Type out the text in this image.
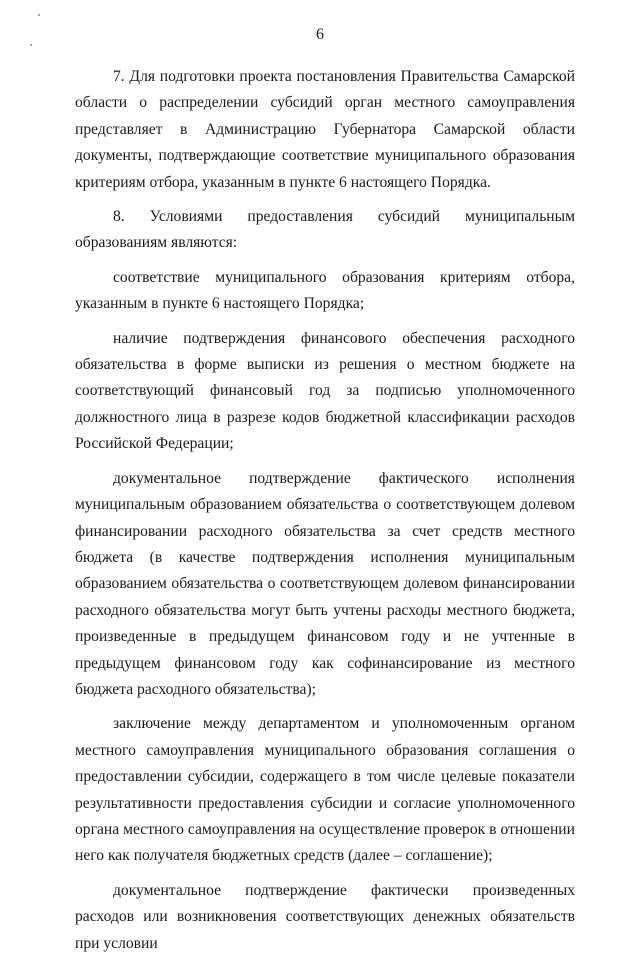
6

7. Для подготовки проекта постановления Правительства Самарской области о распределении субсидий орган местного самоуправления представляет в Администрацию Губернатора Самарской области документы, подтверждающие соответствие муниципального образования критериям отбора, указанным в пункте 6 настоящего Порядка.

8. Условиями предоставления субсидий муниципальным образованиям являются:

соответствие муниципального образования критериям отбора, указанным в пункте 6 настоящего Порядка;

наличие подтверждения финансового обеспечения расходного обязательства в форме выписки из решения о местном бюджете на соответствующий финансовый год за подписью уполномоченного должностного лица в разрезе кодов бюджетной классификации расходов Российской Федерации;

документальное подтверждение фактического исполнения муниципальным образованием обязательства о соответствующем долевом финансировании расходного обязательства за счет средств местного бюджета (в качестве подтверждения исполнения муниципальным образованием обязательства о соответствующем долевом финансировании расходного обязательства могут быть учтены расходы местного бюджета, произведенные в предыдущем финансовом году и не учтенные в предыдущем финансовом году как софинансирование из местного бюджета расходного обязательства);

заключение между департаментом и уполномоченным органом местного самоуправления муниципального образования соглашения о предоставлении субсидии, содержащего в том числе целевые показатели результативности предоставления субсидии и согласие уполномоченного органа местного самоуправления на осуществление проверок в отношении него как получателя бюджетных средств (далее – соглашение);

документальное подтверждение фактически произведенных расходов или возникновения соответствующих денежных обязательств при условии
